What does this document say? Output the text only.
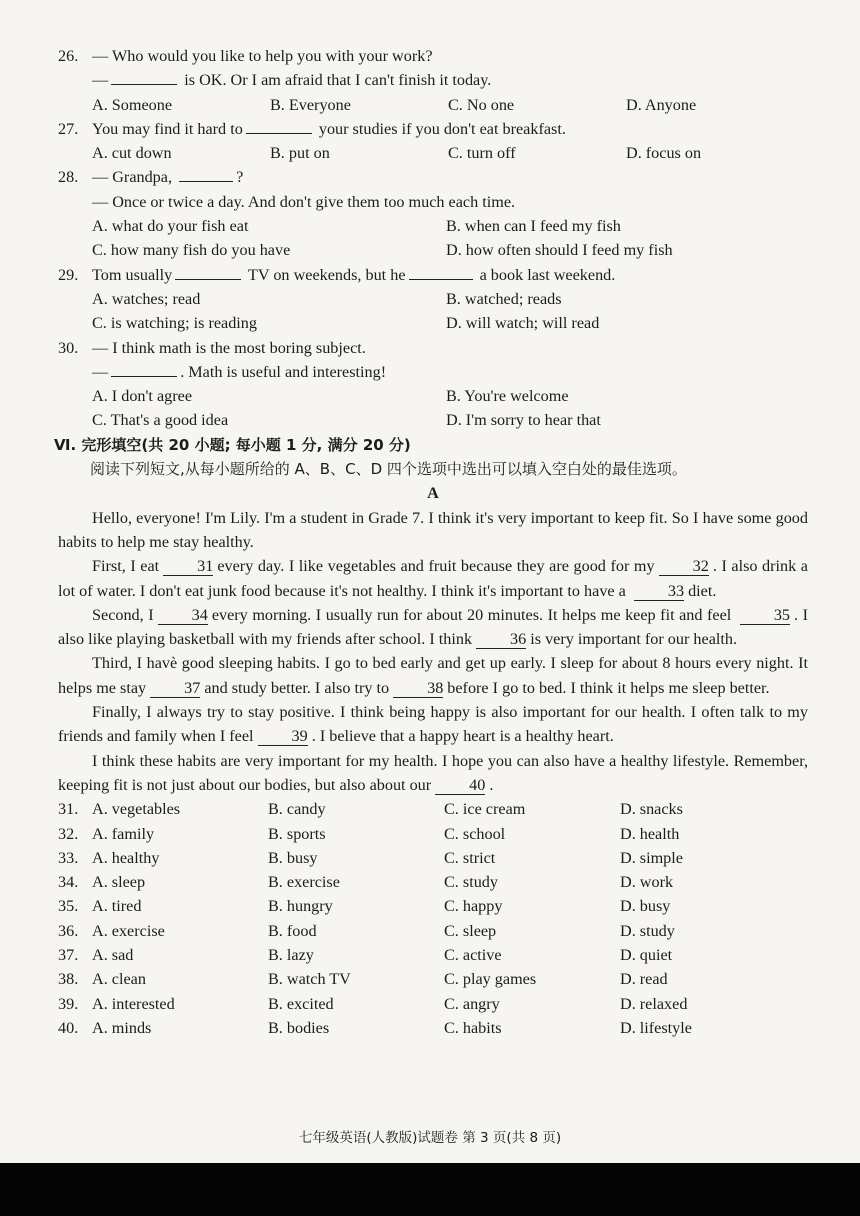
26. — Who would you like to help you with your work?
—	is OK. Or I am afraid that I can't finish it today.
A. Someone	B. Everyone	C. No one	D. Anyone
27. You may find it hard to	your studies if you don't eat breakfast.
A. cut down	B. put on	C. turn off	D. focus on
28. — Grandpa,	?
— Once or twice a day. And don't give them too much each time.
A. what do your fish eat	B. when can I feed my fish
C. how many fish do you have	D. how often should I feed my fish
29. Tom usually	TV on weekends, but he	a book last weekend.
A. watches; read	B. watched; reads
C. is watching; is reading	D. will watch; will read
30. — I think math is the most boring subject.
—	. Math is useful and interesting!
A. I don't agree	B. You're welcome
C. That's a good idea	D. I'm sorry to hear that
Ⅵ. 完形填空(共 20 小题; 每小题 1 分, 满分 20 分)
阅读下列短文,从每小题所给的 A、B、C、D 四个选项中选出可以填入空白处的最佳选项。
A
Hello, everyone! I'm Lily. I'm a student in Grade 7. I think it's very important to keep fit. So I have some good habits to help me stay healthy.
First, I eat 31 every day. I like vegetables and fruit because they are good for my 32 . I also drink a lot of water. I don't eat junk food because it's not healthy. I think it's important to have a	33 diet.
Second, I 34 every morning. I usually run for about 20 minutes. It helps me keep fit and feel	35 . I also like playing basketball with my friends after school. I think 36 is very important for our health.
Third, I havè good sleeping habits. I go to bed early and get up early. I sleep for about 8 hours every night. It helps me stay 37 and study better. I also try to 38 before I go to bed. I think it helps me sleep better.
Finally, I always try to stay positive. I think being happy is also important for our health. I often talk to my friends and family when I feel 39 . I believe that a happy heart is a healthy heart.
I think these habits are very important for my health. I hope you can also have a healthy lifestyle. Remember, keeping fit is not just about our bodies, but also about our 40 .
31. A. vegetables	B. candy	C. ice cream	D. snacks
32. A. family	B. sports	C. school	D. health
33. A. healthy	B. busy	C. strict	D. simple
34. A. sleep	B. exercise	C. study	D. work
35. A. tired	B. hungry	C. happy	D. busy
36. A. exercise	B. food	C. sleep	D. study
37. A. sad	B. lazy	C. active	D. quiet
38. A. clean	B. watch TV	C. play games	D. read
39. A. interested	B. excited	C. angry	D. relaxed
40. A. minds	B. bodies	C. habits	D. lifestyle
七年级英语(人教版)试题卷 第 3 页(共 8 页)
